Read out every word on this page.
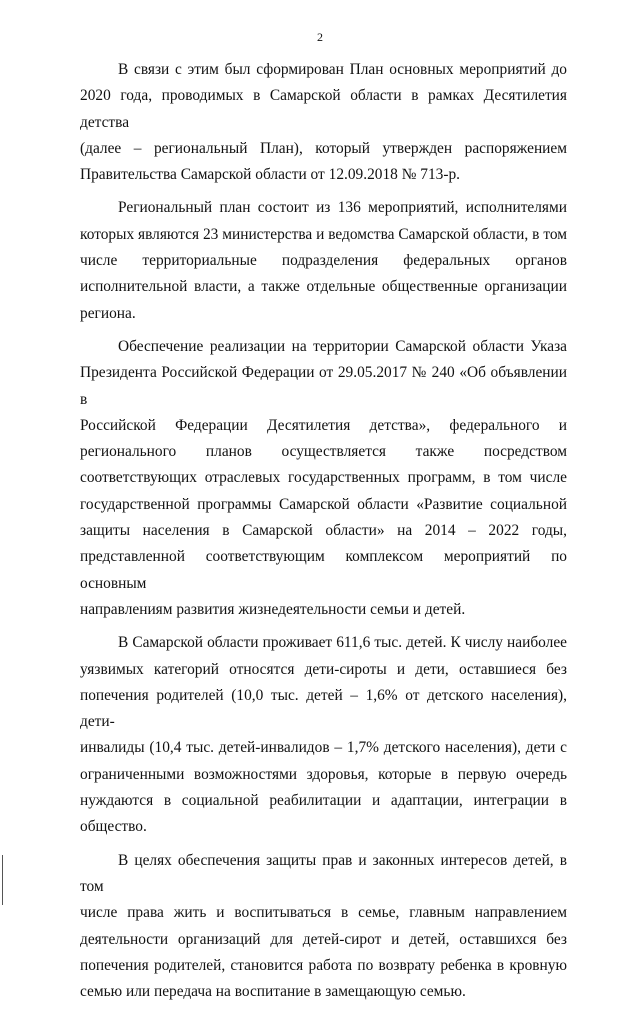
2

В связи с этим был сформирован План основных мероприятий до
2020 года, проводимых в Самарской области в рамках Десятилетия детства
(далее – региональный План), который утвержден распоряжением
Правительства Самарской области от 12.09.2018 № 713-р.

Региональный план состоит из 136 мероприятий, исполнителями
которых являются 23 министерства и ведомства Самарской области, в том
числе территориальные подразделения федеральных органов
исполнительной власти, а также отдельные общественные организации
региона.

Обеспечение реализации на территории Самарской области Указа
Президента Российской Федерации от 29.05.2017 № 240 «Об объявлении в
Российской Федерации Десятилетия детства», федерального и
регионального планов осуществляется также посредством
соответствующих отраслевых государственных программ, в том числе
государственной программы Самарской области «Развитие социальной
защиты населения в Самарской области» на 2014 – 2022 годы,
представленной соответствующим комплексом мероприятий по основным
направлениям развития жизнедеятельности семьи и детей.

В Самарской области проживает 611,6 тыс. детей. К числу наиболее
уязвимых категорий относятся дети-сироты и дети, оставшиеся без
попечения родителей (10,0 тыс. детей – 1,6% от детского населения), дети-
инвалиды (10,4 тыс. детей-инвалидов – 1,7% детского населения), дети с
ограниченными возможностями здоровья, которые в первую очередь
нуждаются в социальной реабилитации и адаптации, интеграции в
общество.

В целях обеспечения защиты прав и законных интересов детей, в том
числе права жить и воспитываться в семье, главным направлением
деятельности организаций для детей-сирот и детей, оставшихся без
попечения родителей, становится работа по возврату ребенка в кровную
семью или передача на воспитание в замещающую семью.
